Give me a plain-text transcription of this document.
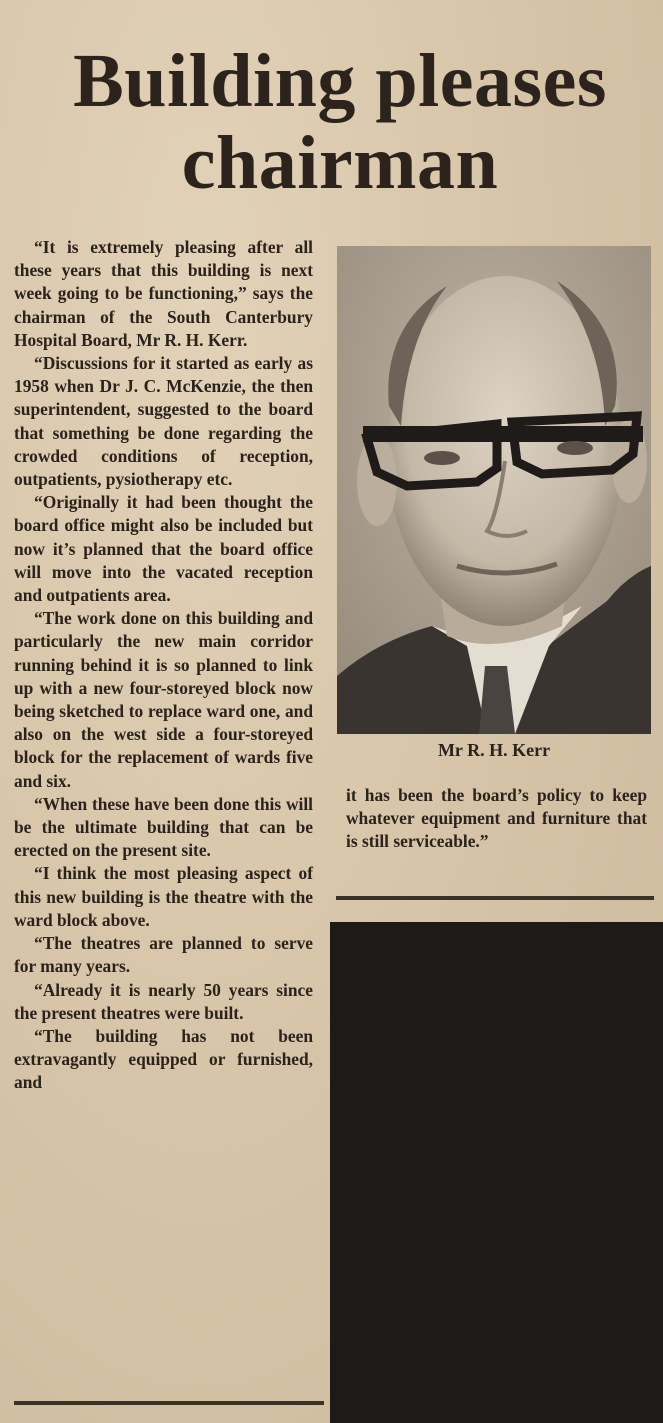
Building pleases chairman

“It is extremely pleasing after all these years that this building is next week going to be functioning,” says the chairman of the South Canterbury Hospital Board, Mr R. H. Kerr.

“Discussions for it started as early as 1958 when Dr J. C. McKenzie, the then superintendent, suggested to the board that something be done regarding the crowded conditions of reception, outpatients, pysiotherapy etc.

“Originally it had been thought the board office might also be included but now it’s planned that the board office will move into the vacated reception and outpatients area.

“The work done on this building and particularly the new main corridor running behind it is so planned to link up with a new four-storeyed block now being sketched to replace ward one, and also on the west side a four-storeyed block for the replacement of wards five and six.

“When these have been done this will be the ultimate building that can be erected on the present site.

“I think the most pleasing aspect of this new building is the theatre with the ward block above.

“The theatres are planned to serve for many years.

“Already it is nearly 50 years since the present theatres were built.

“The building has not been extravagantly equipped or furnished, and

Mr R. H. Kerr

it has been the board’s policy to keep whatever equipment and furniture that is still serviceable.”
